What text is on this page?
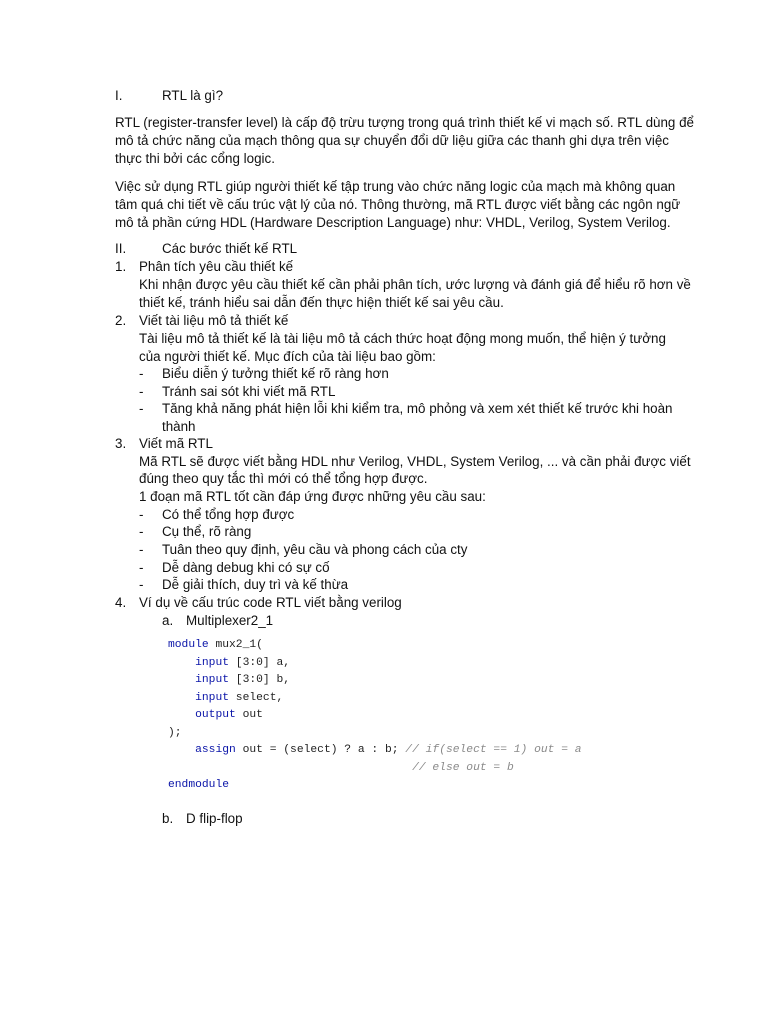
I.	RTL là gì?
RTL (register-transfer level) là cấp độ trừu tượng trong quá trình thiết kế vi mạch số. RTL dùng để
mô tả chức năng của mạch thông qua sự chuyển đổi dữ liệu giữa các thanh ghi dựa trên việc
thực thi bởi các cổng logic.
Việc sử dụng RTL giúp người thiết kế tập trung vào chức năng logic của mạch mà không quan
tâm quá chi tiết về cấu trúc vật lý của nó. Thông thường, mã RTL được viết bằng các ngôn ngữ
mô tả phần cứng HDL (Hardware Description Language) như: VHDL, Verilog, System Verilog.
II.	Các bước thiết kế RTL
1. Phân tích yêu cầu thiết kế
Khi nhận được yêu cầu thiết kế cần phải phân tích, ước lượng và đánh giá để hiểu rõ hơn về
thiết kế, tránh hiểu sai dẫn đến thực hiện thiết kế sai yêu cầu.
2. Viết tài liệu mô tả thiết kế
Tài liệu mô tả thiết kế là tài liệu mô tả cách thức hoạt động mong muốn, thể hiện ý tưởng
của người thiết kế. Mục đích của tài liệu bao gồm:
- Biểu diễn ý tưởng thiết kế rõ ràng hơn
- Tránh sai sót khi viết mã RTL
- Tăng khả năng phát hiện lỗi khi kiểm tra, mô phỏng và xem xét thiết kế trước khi hoàn
thành
3. Viết mã RTL
Mã RTL sẽ được viết bằng HDL như Verilog, VHDL, System Verilog, ... và cần phải được viết
đúng theo quy tắc thì mới có thể tổng hợp được.
1 đoạn mã RTL tốt cần đáp ứng được những yêu cầu sau:
- Có thể tổng hợp được
- Cụ thể, rõ ràng
- Tuân theo quy định, yêu cầu và phong cách của cty
- Dễ dàng debug khi có sự cố
- Dễ giải thích, duy trì và kế thừa
4. Ví dụ về cấu trúc code RTL viết bằng verilog
a. Multiplexer2_1
module mux2_1(
input [3:0] a,
input [3:0] b,
input select,
output out
);
assign out = (select) ? a : b; // if(select == 1) out = a
// else out = b
endmodule
b. D flip-flop
